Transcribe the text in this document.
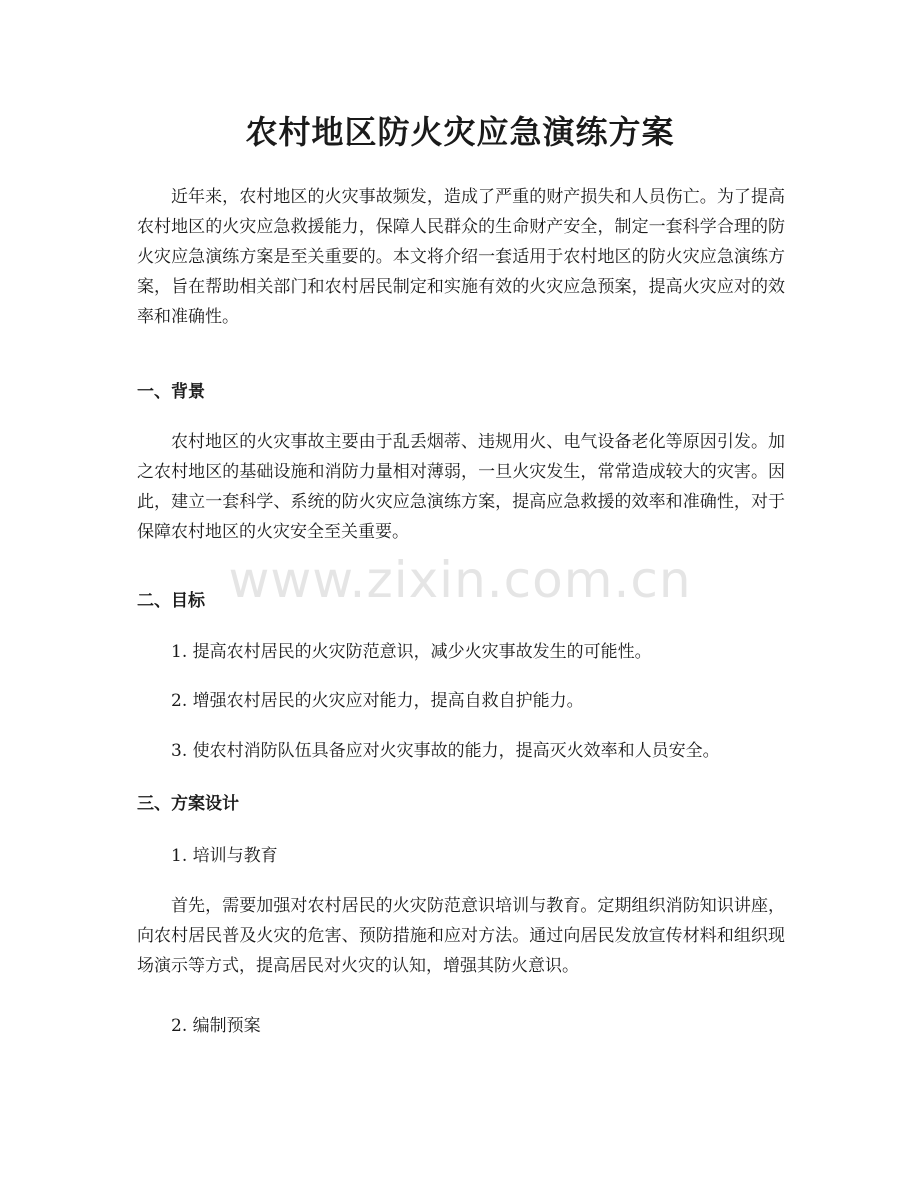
农村地区防火灾应急演练方案

近年来，农村地区的火灾事故频发，造成了严重的财产损失和人员伤亡。为了提高农村地区的火灾应急救援能力，保障人民群众的生命财产安全，制定一套科学合理的防火灾应急演练方案是至关重要的。本文将介绍一套适用于农村地区的防火灾应急演练方案，旨在帮助相关部门和农村居民制定和实施有效的火灾应急预案，提高火灾应对的效率和准确性。

一、背景

农村地区的火灾事故主要由于乱丢烟蒂、违规用火、电气设备老化等原因引发。加之农村地区的基础设施和消防力量相对薄弱，一旦火灾发生，常常造成较大的灾害。因此，建立一套科学、系统的防火灾应急演练方案，提高应急救援的效率和准确性，对于保障农村地区的火灾安全至关重要。

二、目标

1. 提高农村居民的火灾防范意识，减少火灾事故发生的可能性。

2. 增强农村居民的火灾应对能力，提高自救自护能力。

3. 使农村消防队伍具备应对火灾事故的能力，提高灭火效率和人员安全。

三、方案设计

1. 培训与教育

首先，需要加强对农村居民的火灾防范意识培训与教育。定期组织消防知识讲座，向农村居民普及火灾的危害、预防措施和应对方法。通过向居民发放宣传材料和组织现场演示等方式，提高居民对火灾的认知，增强其防火意识。

2. 编制预案

www.zixin.com.cn
